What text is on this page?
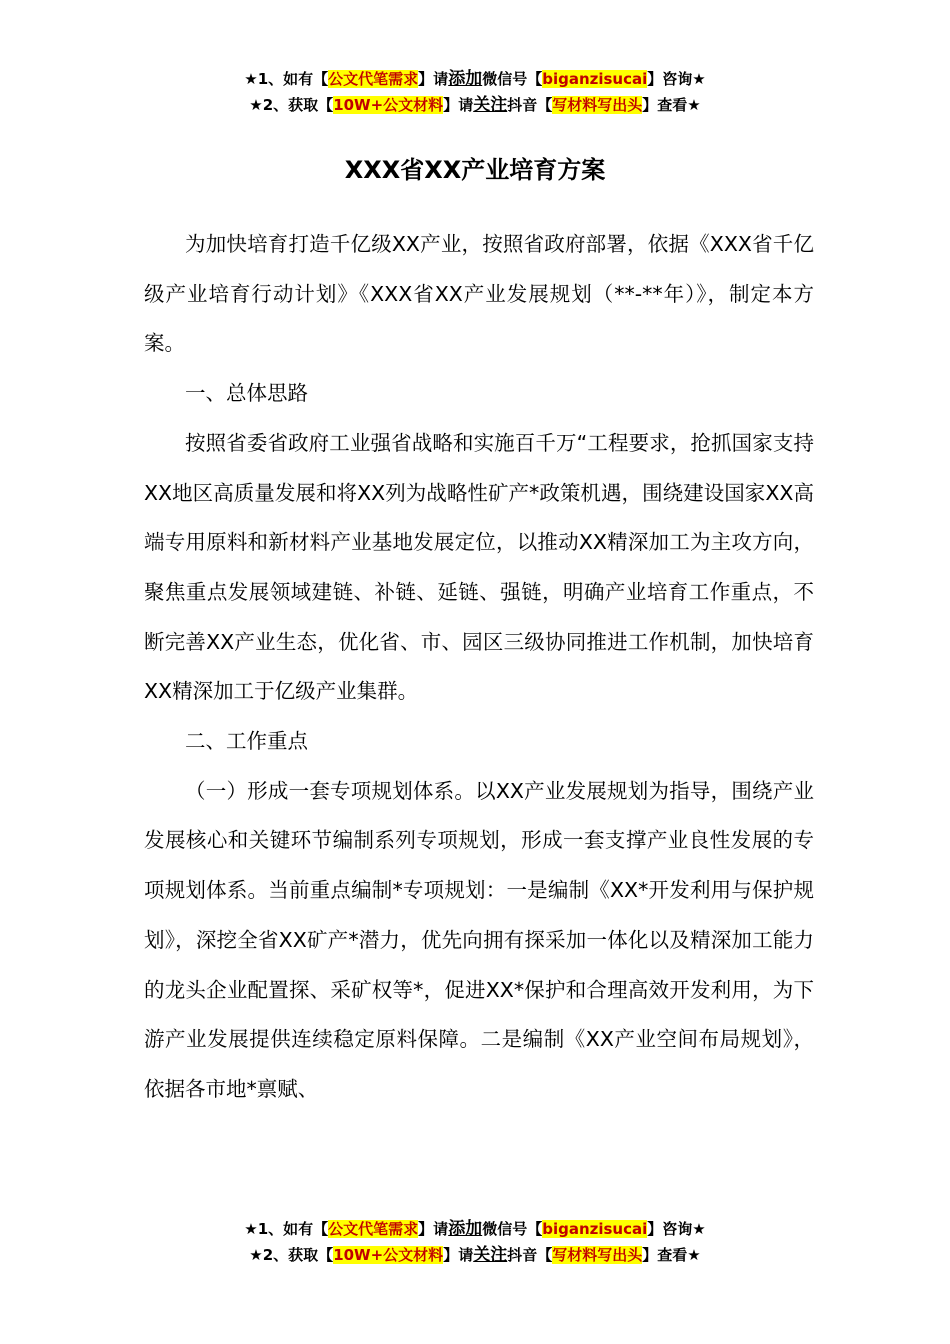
★1、如有【公文代笔需求】请添加微信号【biganzisucai】咨询★
★2、获取【10W+公文材料】请关注抖音【写材料写出头】查看★
XXX省XX产业培育方案

为加快培育打造千亿级XX产业，按照省政府部署，依据《XXX省千亿级产业培育行动计划》《XXX省XX产业发展规划（**-**年）》，制定本方案。

一、总体思路

按照省委省政府工业强省战略和实施百千万“工程要求，抢抓国家支持XX地区高质量发展和将XX列为战略性矿产*政策机遇，围绕建设国家XX高端专用原料和新材料产业基地发展定位，以推动XX精深加工为主攻方向，聚焦重点发展领域建链、补链、延链、强链，明确产业培育工作重点，不断完善XX产业生态，优化省、市、园区三级协同推进工作机制，加快培育XX精深加工于亿级产业集群。

二、工作重点

（一）形成一套专项规划体系。以XX产业发展规划为指导，围绕产业发展核心和关键环节编制系列专项规划，形成一套支撑产业良性发展的专项规划体系。当前重点编制*专项规划：一是编制《XX*开发利用与保护规划》，深挖全省XX矿产*潜力，优先向拥有探采加一体化以及精深加工能力的龙头企业配置探、采矿权等*，促进XX*保护和合理高效开发利用，为下游产业发展提供连续稳定原料保障。二是编制《XX产业空间布局规划》，依据各市地*禀赋、

★1、如有【公文代笔需求】请添加微信号【biganzisucai】咨询★
★2、获取【10W+公文材料】请关注抖音【写材料写出头】查看★
